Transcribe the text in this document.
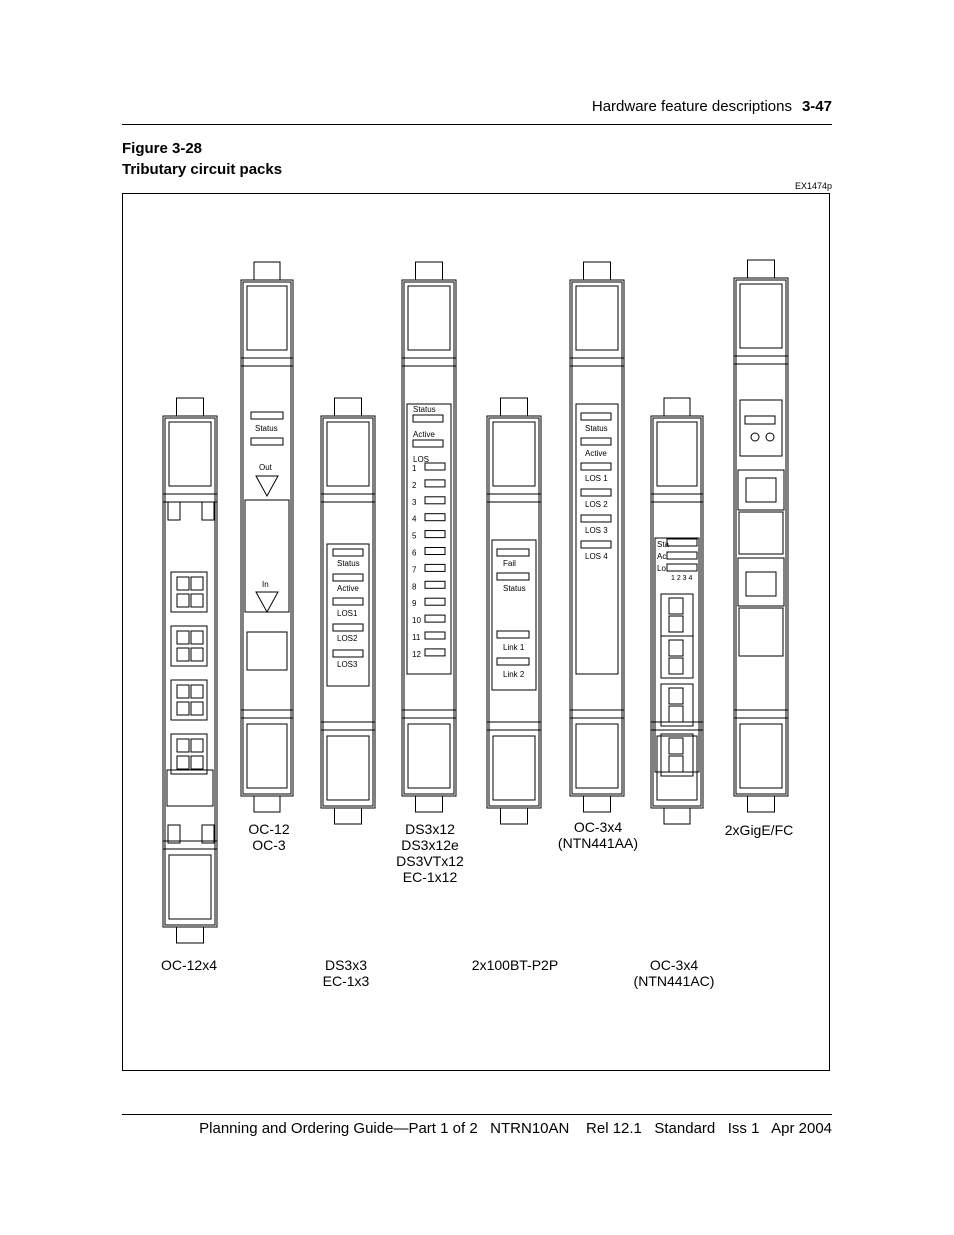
Hardware feature descriptions 3-47
Figure 3-28
Tributary circuit packs
EX1474p
Status
Out
In
Status
Active
LOS1
LOS2
LOS3
Status
Active
LOS
1
2
3
4
5
6
7
8
9
10
11
12
Fail
Status
Link 1
Link 2
Status
Active
LOS 1
LOS 2
LOS 3
LOS 4
Sta
Ac
Lo
1 2 3 4
OC-12x4
OC-12
OC-3
DS3x3
EC-1x3
DS3x12
DS3x12e
DS3VTx12
EC-1x12
2x100BT-P2P
OC-3x4
(NTN441AA)
OC-3x4
(NTN441AC)
2xGigE/FC
Planning and Ordering Guide—Part 1 of 2   NTRN10AN    Rel 12.1   Standard   Iss 1   Apr 2004
